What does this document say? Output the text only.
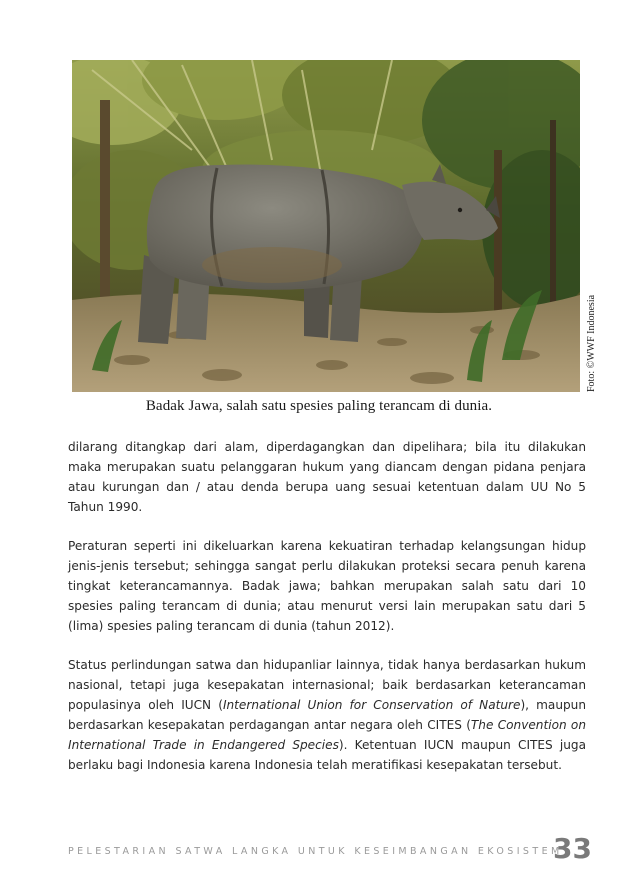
Foto: ©WWF Indonesia
Badak Jawa, salah satu spesies paling terancam di dunia.

dilarang ditangkap dari alam, diperdagangkan dan dipelihara; bila itu dilakukan maka merupakan suatu pelanggaran hukum yang diancam dengan pidana penjara atau kurungan dan / atau denda berupa uang sesuai ketentuan dalam UU No 5 Tahun 1990.

Peraturan seperti ini dikeluarkan karena kekuatiran terhadap kelangsungan hidup jenis-jenis tersebut; sehingga sangat perlu dilakukan proteksi secara penuh karena tingkat keterancamannya. Badak jawa; bahkan merupakan salah satu dari 10 spesies paling terancam di dunia; atau menurut versi lain merupakan satu dari 5 (lima) spesies paling terancam di dunia (tahun 2012).

Status perlindungan satwa dan hidupanliar lainnya, tidak hanya berdasarkan hukum nasional, tetapi juga kesepakatan internasional; baik berdasarkan keterancaman populasinya oleh IUCN (International Union for Conservation of Nature), maupun berdasarkan kesepakatan perdagangan antar negara oleh CITES (The Convention on International Trade in Endangered Species). Ketentuan IUCN maupun CITES juga berlaku bagi Indonesia karena Indonesia telah meratifikasi kesepakatan tersebut.

PELESTARIAN SATWA LANGKA UNTUK KESEIMBANGAN EKOSISTEM
33
